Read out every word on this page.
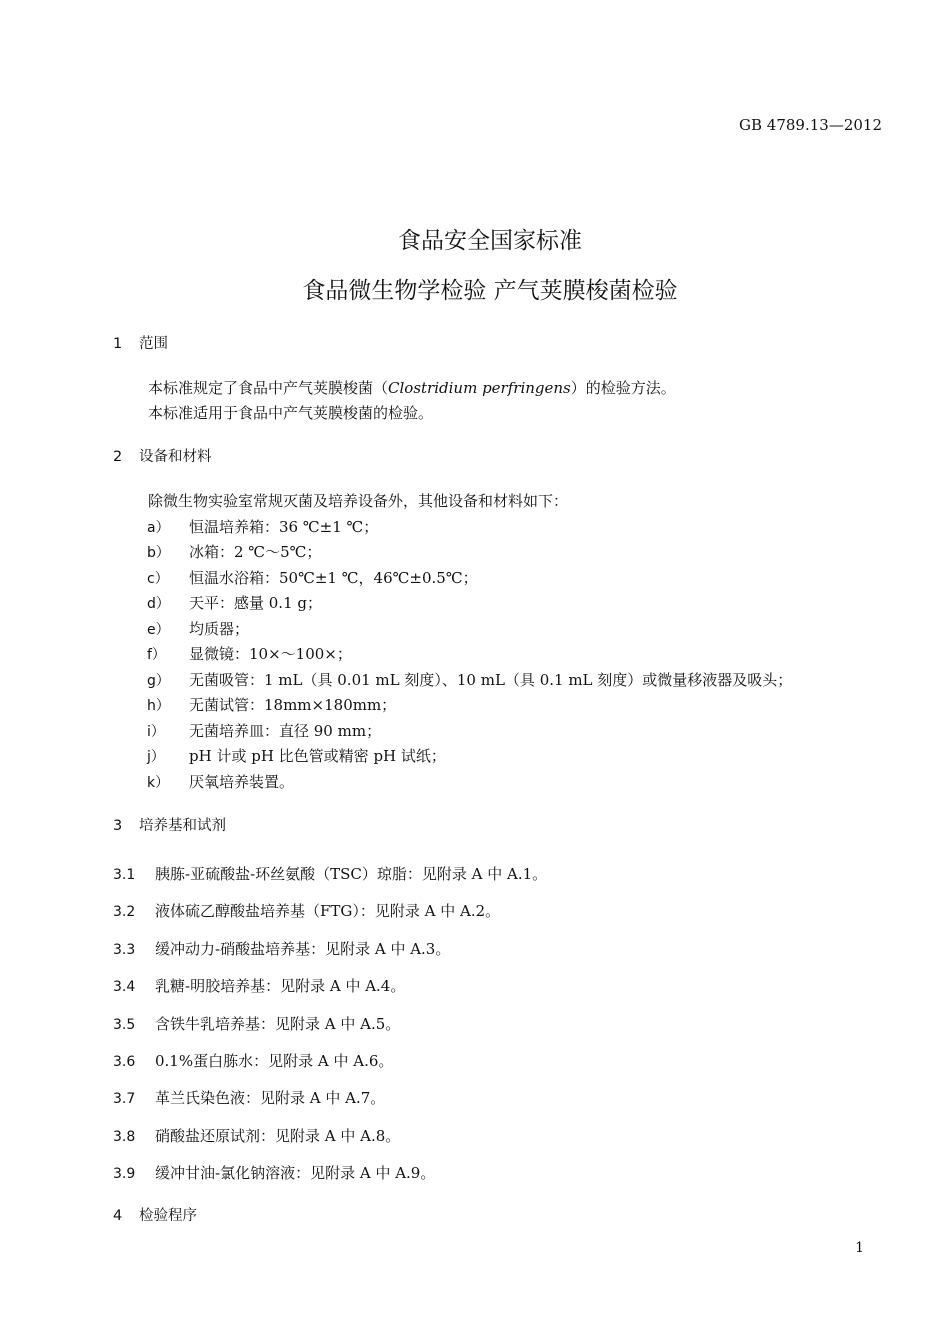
GB 4789.13—2012
食品安全国家标准
食品微生物学检验 产气荚膜梭菌检验
1 范围
本标准规定了食品中产气荚膜梭菌（Clostridium perfringens）的检验方法。
本标准适用于食品中产气荚膜梭菌的检验。
2 设备和材料
除微生物实验室常规灭菌及培养设备外，其他设备和材料如下：
a） 恒温培养箱：36 ℃±1 ℃；
b） 冰箱：2 ℃～5℃；
c） 恒温水浴箱：50℃±1 ℃，46℃±0.5℃；
d） 天平：感量 0.1 g；
e） 均质器；
f） 显微镜：10×～100×；
g） 无菌吸管：1 mL（具 0.01 mL 刻度）、10 mL（具 0.1 mL 刻度）或微量移液器及吸头；
h） 无菌试管：18mm×180mm；
i） 无菌培养皿：直径 90 mm；
j） pH 计或 pH 比色管或精密 pH 试纸；
k） 厌氧培养装置。
3 培养基和试剂
3.1 胰胨-亚硫酸盐-环丝氨酸（TSC）琼脂：见附录 A 中 A.1。
3.2 液体硫乙醇酸盐培养基（FTG）：见附录 A 中 A.2。
3.3 缓冲动力-硝酸盐培养基：见附录 A 中 A.3。
3.4 乳糖-明胶培养基：见附录 A 中 A.4。
3.5 含铁牛乳培养基：见附录 A 中 A.5。
3.6 0.1%蛋白胨水：见附录 A 中 A.6。
3.7 革兰氏染色液：见附录 A 中 A.7。
3.8 硝酸盐还原试剂：见附录 A 中 A.8。
3.9 缓冲甘油-氯化钠溶液：见附录 A 中 A.9。
4 检验程序
1
